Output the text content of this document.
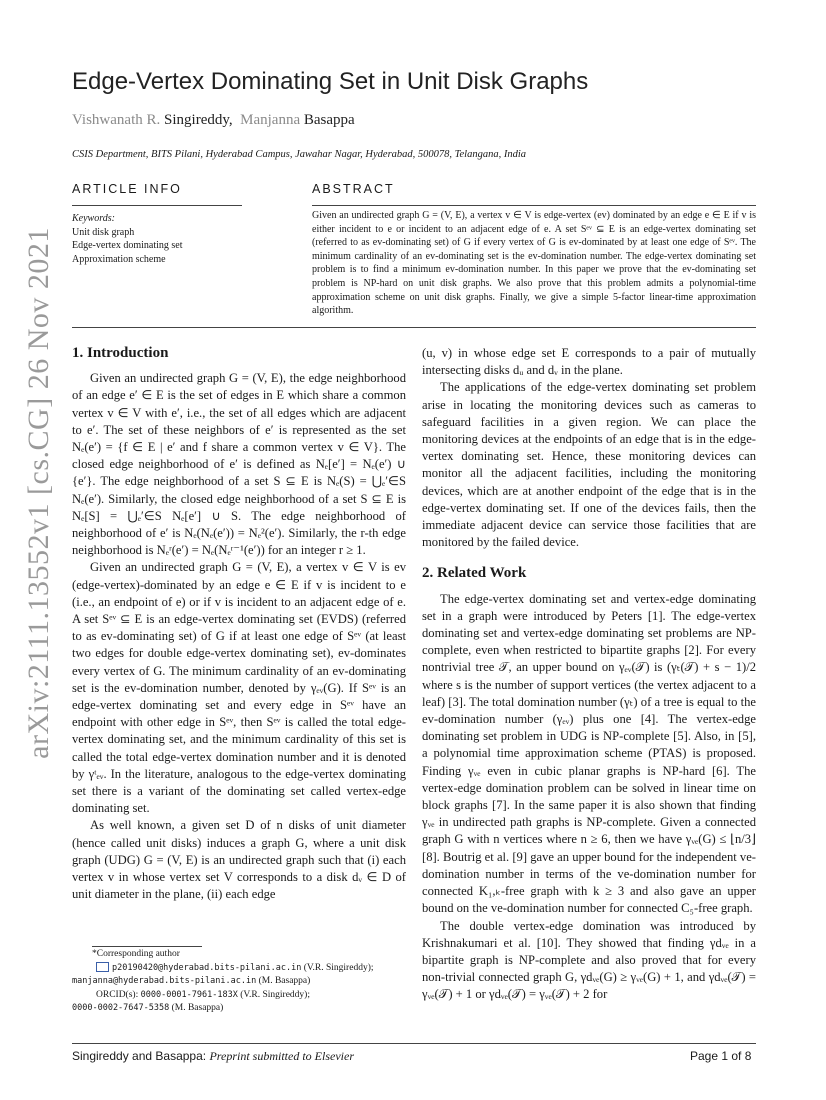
arXiv:2111.13552v1 [cs.CG] 26 Nov 2021
Edge-Vertex Dominating Set in Unit Disk Graphs
Vishwanath R. Singireddy, Manjanna Basappa
CSIS Department, BITS Pilani, Hyderabad Campus, Jawahar Nagar, Hyderabad, 500078, Telangana, India
ARTICLE INFO	ABSTRACT
Keywords:
Unit disk graph
Edge-vertex dominating set
Approximation scheme
Given an undirected graph G = (V, E), a vertex v ∈ V is edge-vertex (ev) dominated by an edge e ∈ E if v is either incident to e or incident to an adjacent edge of e. A set Sᵉᵛ ⊆ E is an edge-vertex dominating set (referred to as ev-dominating set) of G if every vertex of G is ev-dominated by at least one edge of Sᵉᵛ. The minimum cardinality of an ev-dominating set is the ev-domination number. The edge-vertex dominating set problem is to find a minimum ev-domination number. In this paper we prove that the ev-dominating set problem is NP-hard on unit disk graphs. We also prove that this problem admits a polynomial-time approximation scheme on unit disk graphs. Finally, we give a simple 5-factor linear-time approximation algorithm.
1. Introduction

Given an undirected graph G = (V, E), the edge neighborhood of an edge e′ ∈ E is the set of edges in E which share a common vertex v ∈ V with e′, i.e., the set of all edges which are adjacent to e′. The set of these neighbors of e′ is represented as the set Nₑ(e′) = {f ∈ E | e′ and f share a common vertex v ∈ V}. The closed edge neighborhood of e′ is defined as Nₑ[e′] = Nₑ(e′) ∪ {e′}. The edge neighborhood of a set S ⊆ E is Nₑ(S) = ⋃ₑ′∈S Nₑ(e′). Similarly, the closed edge neighborhood of a set S ⊆ E is Nₑ[S] = ⋃ₑ′∈S Nₑ[e′] ∪ S. The edge neighborhood of neighborhood of e′ is Nₑ(Nₑ(e′)) = Nₑ²(e′). Similarly, the r-th edge neighborhood is Nₑʳ(e′) = Nₑ(Nₑʳ⁻¹(e′)) for an integer r ≥ 1.

Given an undirected graph G = (V, E), a vertex v ∈ V is ev (edge-vertex)-dominated by an edge e ∈ E if v is incident to e (i.e., an endpoint of e) or if v is incident to an adjacent edge of e. A set Sᵉᵛ ⊆ E is an edge-vertex dominating set (EVDS) (referred to as ev-dominating set) of G if at least one edge of Sᵉᵛ (at least two edges for double edge-vertex dominating set), ev-dominates every vertex of G. The minimum cardinality of an ev-dominating set is the ev-domination number, denoted by γₑᵥ(G). If Sᵉᵛ is an edge-vertex dominating set and every edge in Sᵉᵛ have an endpoint with other edge in Sᵉᵛ, then Sᵉᵛ is called the total edge-vertex dominating set, and the minimum cardinality of this set is called the total edge-vertex domination number and it is denoted by γᵗₑᵥ. In the literature, analogous to the edge-vertex dominating set there is a variant of the dominating set called vertex-edge dominating set.

As well known, a given set D of n disks of unit diameter (hence called unit disks) induces a graph G, where a unit disk graph (UDG) G = (V, E) is an undirected graph such that (i) each vertex v in whose vertex set V corresponds to a disk dᵥ ∈ D of unit diameter in the plane, (ii) each edge

(u, v) in whose edge set E corresponds to a pair of mutually intersecting disks dᵤ and dᵥ in the plane.

The applications of the edge-vertex dominating set problem arise in locating the monitoring devices such as cameras to safeguard facilities in a given region. We can place the monitoring devices at the endpoints of an edge that is in the edge-vertex dominating set. Hence, these monitoring devices can monitor all the adjacent facilities, including the monitoring devices, which are at another endpoint of the edge that is in the edge-vertex dominating set. If one of the devices fails, then the immediate adjacent device can service those facilities that are monitored by the failed device.

2. Related Work

The edge-vertex dominating set and vertex-edge dominating set in a graph were introduced by Peters [1]. The edge-vertex dominating set and vertex-edge dominating set problems are NP-complete, even when restricted to bipartite graphs [2]. For every nontrivial tree 𝒯, an upper bound on γₑᵥ(𝒯) is (γₜ(𝒯) + s − 1)/2 where s is the number of support vertices (the vertex adjacent to a leaf) [3]. The total domination number (γₜ) of a tree is equal to the ev-domination number (γₑᵥ) plus one [4]. The vertex-edge dominating set problem in UDG is NP-complete [5]. Also, in [5], a polynomial time approximation scheme (PTAS) is proposed. Finding γᵥₑ even in cubic planar graphs is NP-hard [6]. The vertex-edge domination problem can be solved in linear time on block graphs [7]. In the same paper it is also shown that finding γᵥₑ in undirected path graphs is NP-complete. Given a connected graph G with n vertices where n ≥ 6, then we have γᵥₑ(G) ≤ ⌊n/3⌋[8]. Boutrig et al. [9] gave an upper bound for the independent ve-domination number in terms of the ve-domination number for connected K₁,ₖ-free graph with k ≥ 3 and also gave an upper bound on the ve-domination number for connected C₅-free graph.

The double vertex-edge domination was introduced by Krishnakumari et al. [10]. They showed that finding γdᵥₑ in a bipartite graph is NP-complete and also proved that for every non-trivial connected graph G, γdᵥₑ(G) ≥ γᵥₑ(G) + 1, and γdᵥₑ(𝒯) = γᵥₑ(𝒯) + 1 or γdᵥₑ(𝒯) = γᵥₑ(𝒯) + 2 for

*Corresponding author
p20190420@hyderabad.bits-pilani.ac.in (V.R. Singireddy);
manjanna@hyderabad.bits-pilani.ac.in (M. Basappa)
ORCID(s): 0000-0001-7961-183X (V.R. Singireddy);
0000-0002-7647-5358 (M. Basappa)
Singireddy and Basappa: Preprint submitted to Elsevier	Page 1 of 8
